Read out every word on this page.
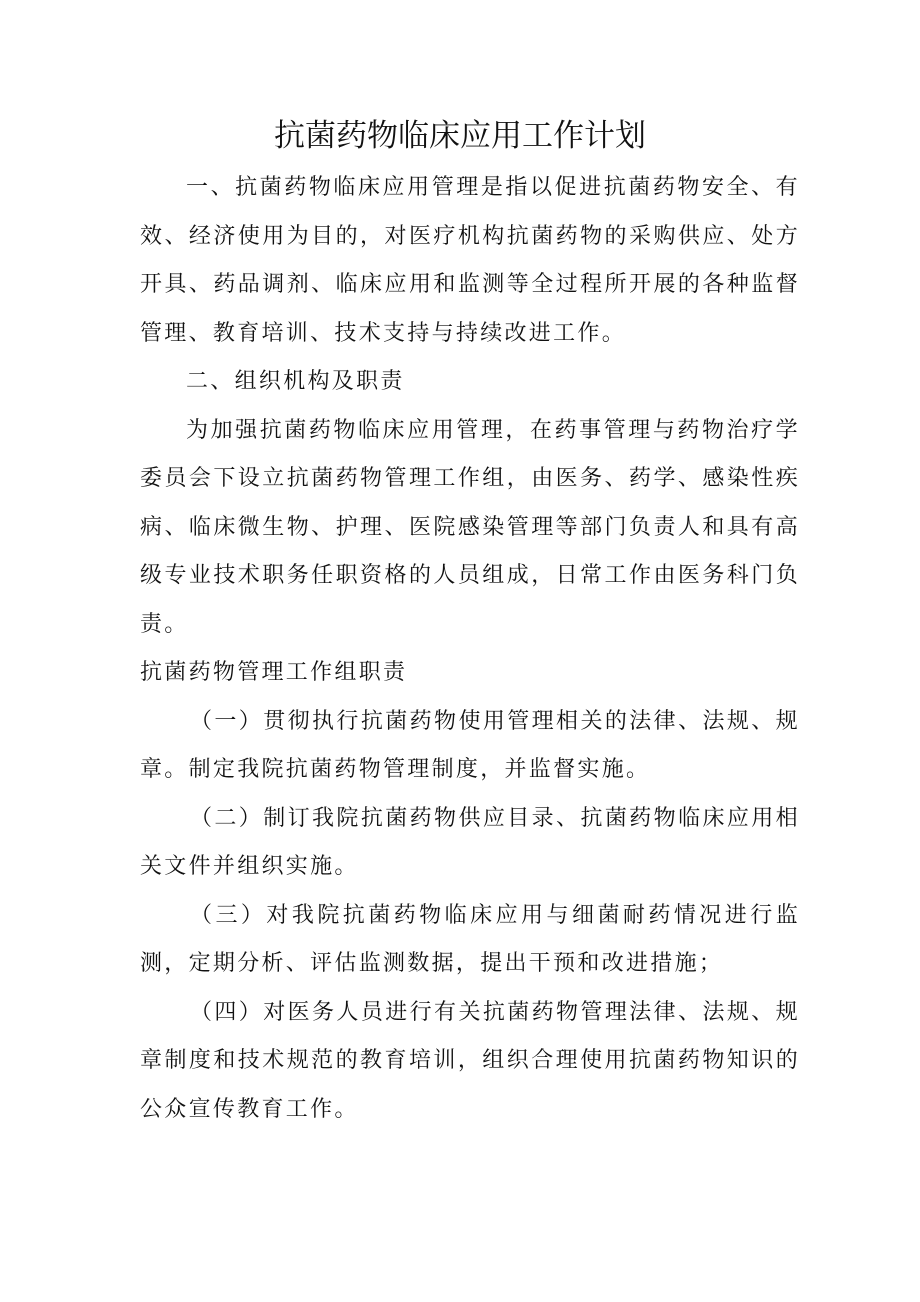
抗菌药物临床应用工作计划

一、抗菌药物临床应用管理是指以促进抗菌药物安全、有效、经济使用为目的，对医疗机构抗菌药物的采购供应、处方开具、药品调剂、临床应用和监测等全过程所开展的各种监督管理、教育培训、技术支持与持续改进工作。

二、组织机构及职责

为加强抗菌药物临床应用管理，在药事管理与药物治疗学委员会下设立抗菌药物管理工作组，由医务、药学、感染性疾病、临床微生物、护理、医院感染管理等部门负责人和具有高级专业技术职务任职资格的人员组成，日常工作由医务科门负责。

抗菌药物管理工作组职责

（一）贯彻执行抗菌药物使用管理相关的法律、法规、规章。制定我院抗菌药物管理制度，并监督实施。

（二）制订我院抗菌药物供应目录、抗菌药物临床应用相关文件并组织实施。

（三）对我院抗菌药物临床应用与细菌耐药情况进行监测，定期分析、评估监测数据，提出干预和改进措施；

（四）对医务人员进行有关抗菌药物管理法律、法规、规章制度和技术规范的教育培训，组织合理使用抗菌药物知识的公众宣传教育工作。
